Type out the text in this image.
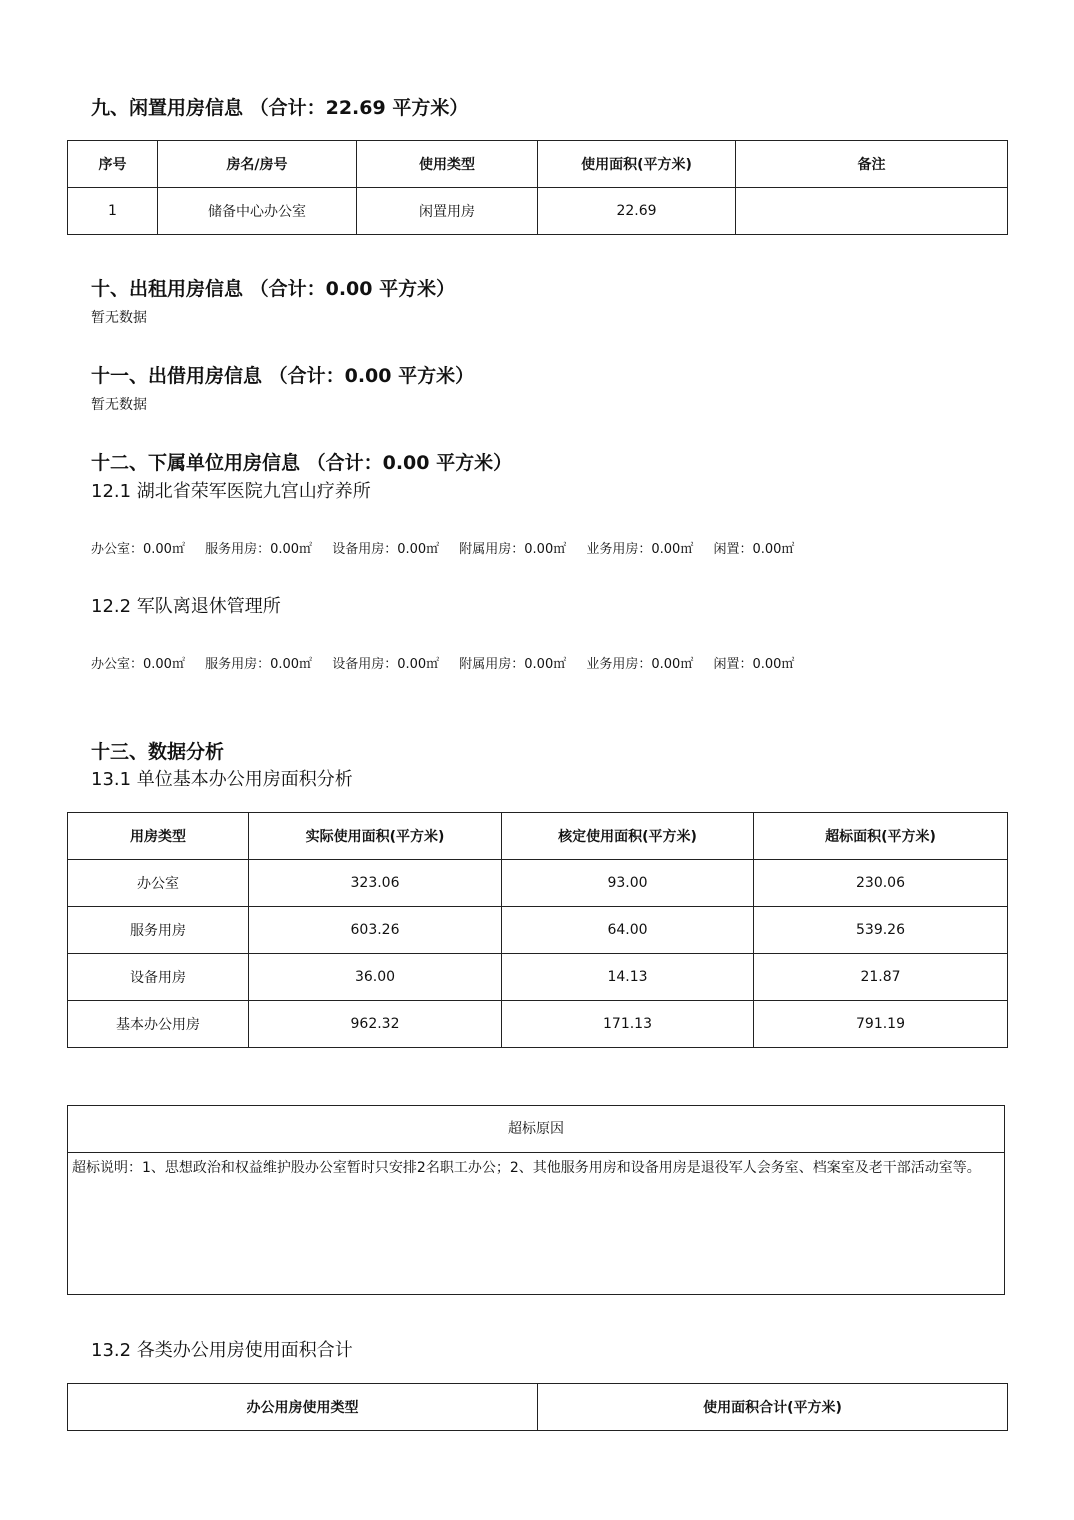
九、闲置用房信息 （合计：22.69 平方米）
序号	房名/房号	使用类型	使用面积(平方米)	备注
1	储备中心办公室	闲置用房	22.69	
十、出租用房信息 （合计：0.00 平方米）
暂无数据
十一、出借用房信息 （合计：0.00 平方米）
暂无数据
十二、下属单位用房信息 （合计：0.00 平方米）
12.1 湖北省荣军医院九宫山疗养所
办公室：0.00㎡ 服务用房：0.00㎡ 设备用房：0.00㎡ 附属用房：0.00㎡ 业务用房：0.00㎡ 闲置：0.00㎡
12.2 军队离退休管理所
办公室：0.00㎡ 服务用房：0.00㎡ 设备用房：0.00㎡ 附属用房：0.00㎡ 业务用房：0.00㎡ 闲置：0.00㎡
十三、数据分析
13.1 单位基本办公用房面积分析
用房类型	实际使用面积(平方米)	核定使用面积(平方米)	超标面积(平方米)
办公室	323.06	93.00	230.06
服务用房	603.26	64.00	539.26
设备用房	36.00	14.13	21.87
基本办公用房	962.32	171.13	791.19
超标原因
超标说明：1、思想政治和权益维护股办公室暂时只安排2名职工办公；2、其他服务用房和设备用房是退役军人会务室、档案室及老干部活动室等。
13.2 各类办公用房使用面积合计
办公用房使用类型	使用面积合计(平方米)
